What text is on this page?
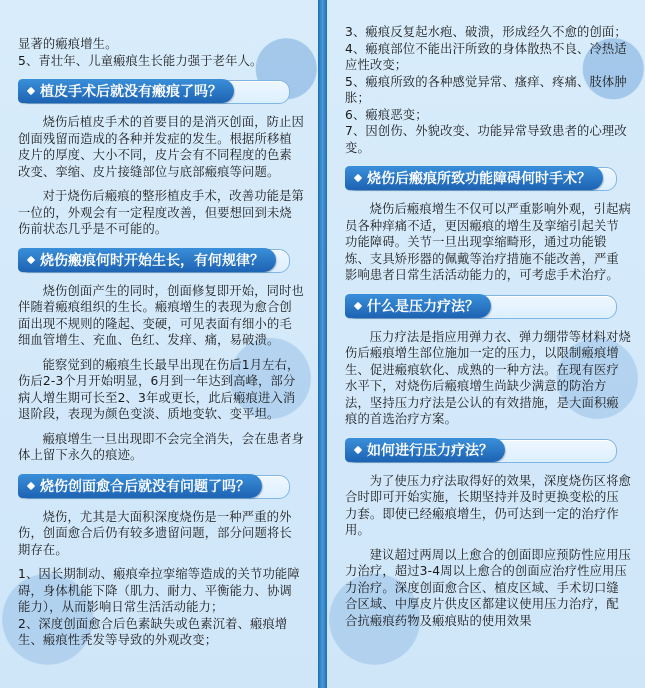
显著的瘢痕增生。

5、青壮年、儿童瘢痕生长能力强于老年人。

植皮手术后就没有瘢痕了吗？

烧伤后植皮手术的首要目的是消灭创面，防止因创面残留而造成的各种并发症的发生。根据所移植皮片的厚度、大小不同，皮片会有不同程度的色素改变、挛缩、皮片接缝部位与底部瘢痕等问题。

对于烧伤后瘢痕的整形植皮手术，改善功能是第一位的，外观会有一定程度改善，但要想回到未烧伤前状态几乎是不可能的。

烧伤瘢痕何时开始生长，有何规律？

烧伤创面产生的同时，创面修复即开始，同时也伴随着瘢痕组织的生长。瘢痕增生的表现为愈合创面出现不规则的隆起、变硬，可见表面有细小的毛细血管增生、充血、色红、发痒、痛，易破溃。

能察觉到的瘢痕生长最早出现在伤后1月左右，伤后2-3个月开始明显，6月到一年达到高峰，部分病人增生期可长至2、3年或更长，此后瘢痕进入消退阶段，表现为颜色变淡、质地变软、变平坦。

瘢痕增生一旦出现即不会完全消失，会在患者身体上留下永久的痕迹。

烧伤创面愈合后就没有问题了吗？

烧伤，尤其是大面积深度烧伤是一种严重的外伤，创面愈合后仍有较多遗留问题，部分问题将长期存在。

1、因长期制动、瘢痕牵拉挛缩等造成的关节功能障碍，身体机能下降（肌力、耐力、平衡能力、协调能力），从而影响日常生活活动能力；

2、深度创面愈合后色素缺失或色素沉着、瘢痕增生、瘢痕性秃发等导致的外观改变；

3、瘢痕反复起水疱、破溃，形成经久不愈的创面；

4、瘢痕部位不能出汗所致的身体散热不良、冷热适应性改变；

5、瘢痕所致的各种感觉异常、瘙痒、疼痛、肢体肿胀；

6、瘢痕恶变；

7、因创伤、外貌改变、功能异常导致患者的心理改变。

烧伤后瘢痕所致功能障碍何时手术？

烧伤后瘢痕增生不仅可以严重影响外观，引起病员各种痒痛不适，更因瘢痕的增生及挛缩引起关节功能障碍。关节一旦出现挛缩畸形，通过功能锻炼、支具矫形器的佩戴等治疗措施不能改善，严重影响患者日常生活活动能力的，可考虑手术治疗。

什么是压力疗法？

压力疗法是指应用弹力衣、弹力绷带等材料对烧伤后瘢痕增生部位施加一定的压力，以限制瘢痕增生、促进瘢痕软化、成熟的一种方法。在现有医疗水平下，对烧伤后瘢痕增生尚缺少满意的防治方法，坚持压力疗法是公认的有效措施，是大面积瘢痕的首选治疗方案。

如何进行压力疗法？

为了使压力疗法取得好的效果，深度烧伤区将愈合时即可开始实施，长期坚持并及时更换变松的压力套。即使已经瘢痕增生，仍可达到一定的治疗作用。

建议超过两周以上愈合的创面即应预防性应用压力治疗，超过3-4周以上愈合的创面应治疗性应用压力治疗。深度创面愈合区、植皮区域、手术切口缝合区域、中厚皮片供皮区都建议使用压力治疗，配合抗瘢痕药物及瘢痕贴的使用效果
